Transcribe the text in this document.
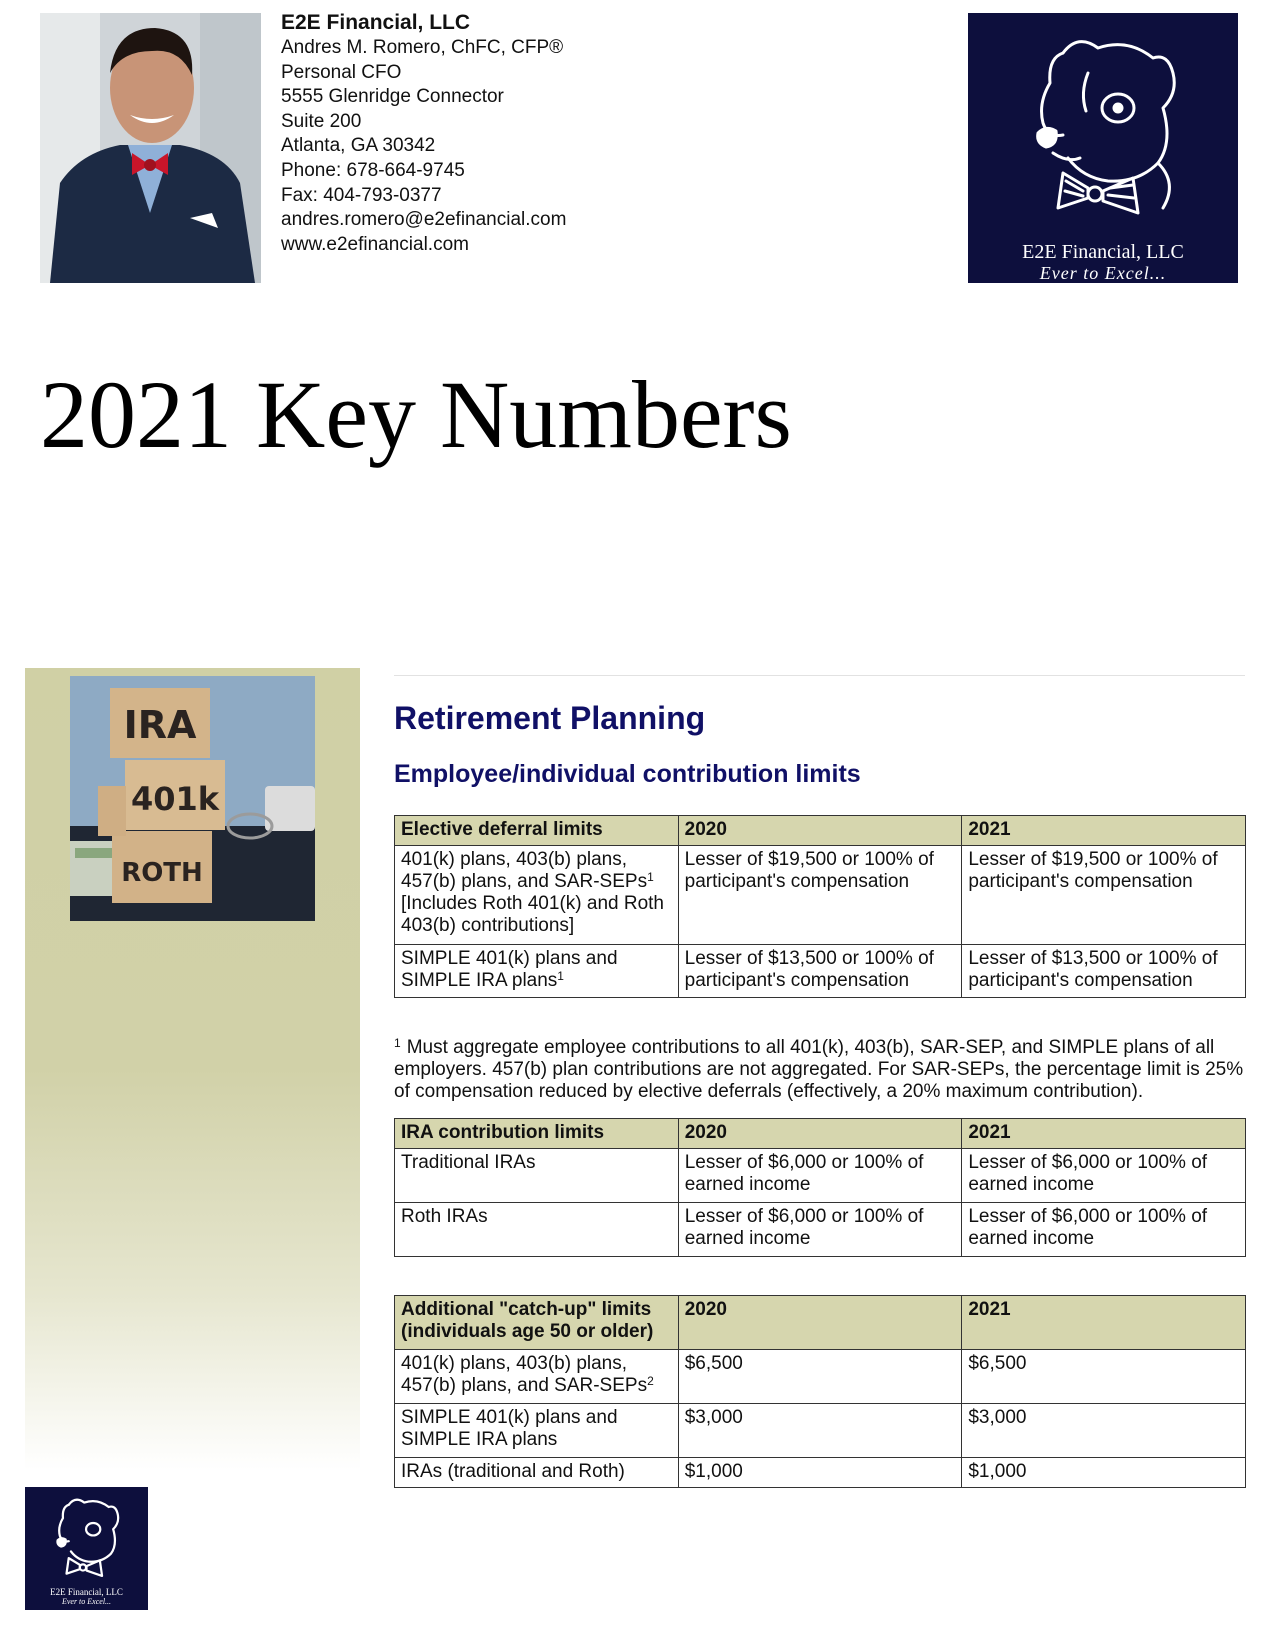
E2E Financial, LLC
Andres M. Romero, ChFC, CFP®
Personal CFO
5555 Glenridge Connector
Suite 200
Atlanta, GA 30342
Phone: 678-664-9745
Fax: 404-793-0377
andres.romero@e2efinancial.com
www.e2efinancial.com	E2E Financial, LLC
Ever to Excel...
2021 Key Numbers
IRA
401k
ROTH
E2E Financial, LLC
Ever to Excel...
Retirement Planning
Employee/individual contribution limits
Elective deferral limits	2020	2021
401(k) plans, 403(b) plans, 457(b) plans, and SAR-SEPs$^1$ [Includes Roth 401(k) and Roth 403(b) contributions]	Lesser of $19,500 or 100% of participant's compensation	Lesser of $19,500 or 100% of participant's compensation
SIMPLE 401(k) plans and SIMPLE IRA plans$^1$	Lesser of $13,500 or 100% of participant's compensation	Lesser of $13,500 or 100% of participant's compensation
$^1$ Must aggregate employee contributions to all 401(k), 403(b), SAR-SEP, and SIMPLE plans of all employers. 457(b) plan contributions are not aggregated. For SAR-SEPs, the percentage limit is 25% of compensation reduced by elective deferrals (effectively, a 20% maximum contribution).
IRA contribution limits	2020	2021
Traditional IRAs	Lesser of $6,000 or 100% of earned income	Lesser of $6,000 or 100% of earned income
Roth IRAs	Lesser of $6,000 or 100% of earned income	Lesser of $6,000 or 100% of earned income
Additional "catch-up" limits (individuals age 50 or older)	2020	2021
401(k) plans, 403(b) plans, 457(b) plans, and SAR-SEPs$^2$	$6,500	$6,500
SIMPLE 401(k) plans and SIMPLE IRA plans	$3,000	$3,000
IRAs (traditional and Roth)	$1,000	$1,000
